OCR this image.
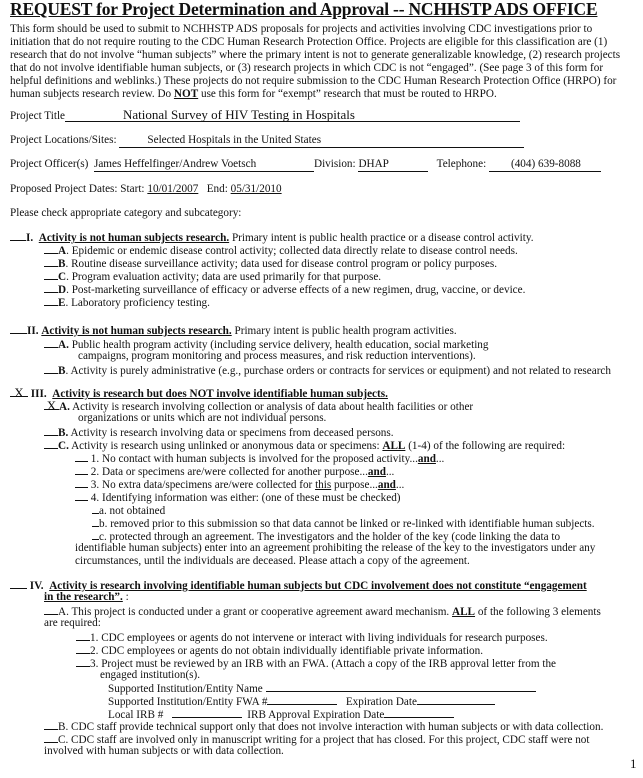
REQUEST for Project Determination and Approval -- NCHHSTP ADS OFFICE
This form should be used to submit to NCHHSTP ADS proposals for projects and activities involving CDC investigations prior to
initiation that do not require routing to the CDC Human Research Protection Office. Projects are eligible for this classification are (1)
research that do not involve “human subjects” where the primary intent is not to generate generalizable knowledge, (2) research projects
that do not involve identifiable human subjects, or (3) research projects in which CDC is not “engaged”. (See page 3 of this form for
helpful definitions and weblinks.) These projects do not require submission to the CDC Human Research Protection Office (HRPO) for
human subjects research review. Do NOT use this form for “exempt” research that must be routed to HRPO.
Project Title	National Survey of HIV Testing in Hospitals
Project Locations/Sites:	Selected Hospitals in the United States
Project Officer(s) James Heffelfinger/Andrew Voetsch	Division: DHAP	Telephone: (404) 639-8088
Proposed Project Dates: Start: 10/01/2007 End: 05/31/2010
Please check appropriate category and subcategory:
I. Activity is not human subjects research. Primary intent is public health practice or a disease control activity.
A. Epidemic or endemic disease control activity; collected data directly relate to disease control needs.
B. Routine disease surveillance activity; data used for disease control program or policy purposes.
C. Program evaluation activity; data are used primarily for that purpose.
D. Post-marketing surveillance of efficacy or adverse effects of a new regimen, drug, vaccine, or device.
E. Laboratory proficiency testing.
II. Activity is not human subjects research. Primary intent is public health program activities.
A. Public health program activity (including service delivery, health education, social marketing
campaigns, program monitoring and process measures, and risk reduction interventions).
B. Activity is purely administrative (e.g., purchase orders or contracts for services or equipment) and not related to research
X III. Activity is research but does NOT involve identifiable human subjects.
X A. Activity is research involving collection or analysis of data about health facilities or other
organizations or units which are not individual persons.
B. Activity is research involving data or specimens from deceased persons.
C. Activity is research using unlinked or anonymous data or specimens: ALL (1-4) of the following are required:
1. No contact with human subjects is involved for the proposed activity...and...
2. Data or specimens are/were collected for another purpose...and...
3. No extra data/specimens are/were collected for this purpose...and...
4. Identifying information was either: (one of these must be checked)
a. not obtained
b. removed prior to this submission so that data cannot be linked or re-linked with identifiable human subjects.
c. protected through an agreement. The investigators and the holder of the key (code linking the data to
identifiable human subjects) enter into an agreement prohibiting the release of the key to the investigators under any
circumstances, until the individuals are deceased. Please attach a copy of the agreement.
IV. Activity is research involving identifiable human subjects but CDC involvement does not constitute “engagement
in the research”. :
A. This project is conducted under a grant or cooperative agreement award mechanism. ALL of the following 3 elements
are required:
1. CDC employees or agents do not intervene or interact with living individuals for research purposes.
2. CDC employees or agents do not obtain individually identifiable private information.
3. Project must be reviewed by an IRB with an FWA. (Attach a copy of the IRB approval letter from the
engaged institution(s).
Supported Institution/Entity Name
Supported Institution/Entity FWA #	Expiration Date
Local IRB #	IRB Approval Expiration Date
B. CDC staff provide technical support only that does not involve interaction with human subjects or with data collection.
C. CDC staff are involved only in manuscript writing for a project that has closed. For this project, CDC staff were not
involved with human subjects or with data collection.
1
